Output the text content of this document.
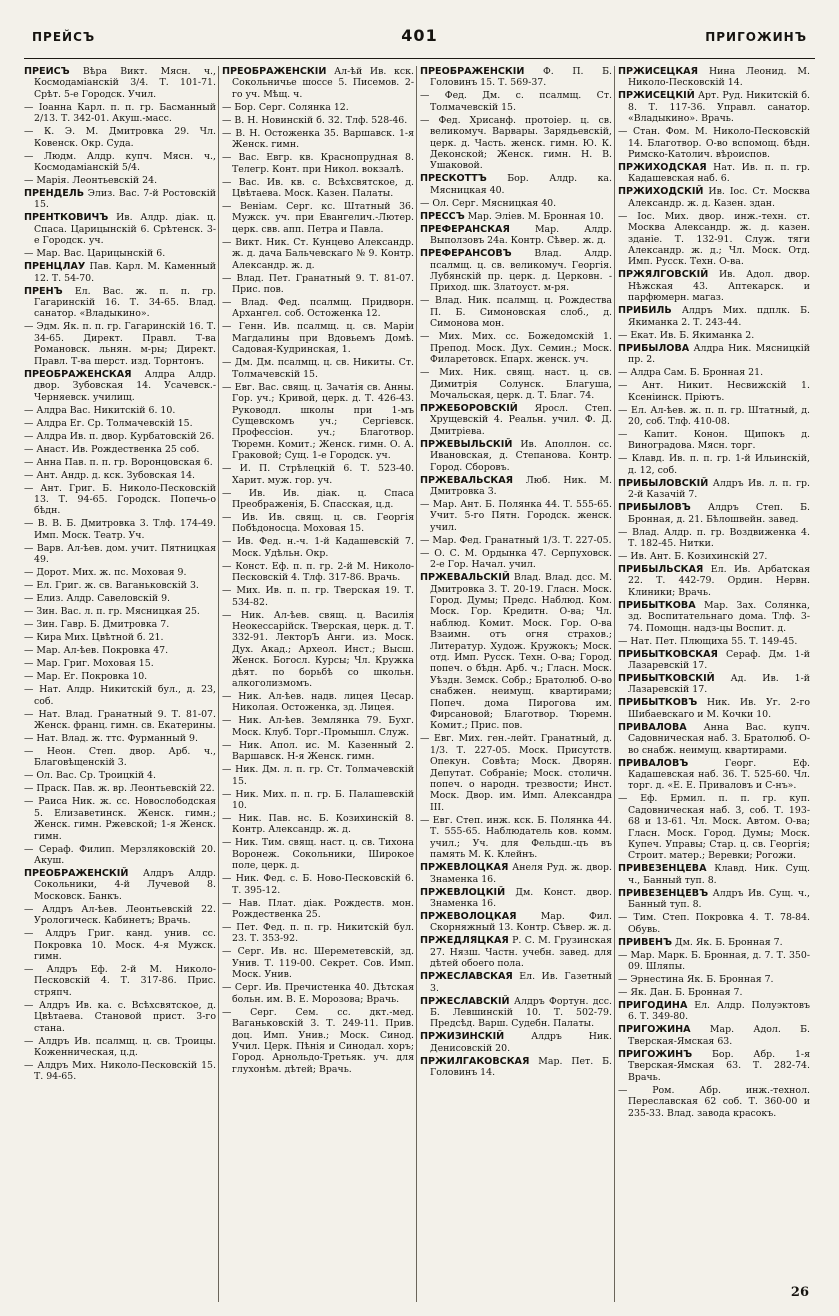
ПРЕЙСЪ	401	ПРИГОЖИНЪ
ПРЕЙСЪ Вѣра Викт. Мясн. ч., Космодаміанскій 3/4. Т. 101-71. Срѣт. 5-е Городск. Учил.
— Іоанна Карл. п. п. гр. Басманный 2/13. Т. 342-01. Акуш.-масс.
— К. Э. М. Дмитровка 29. Чл. Ковенск. Окр. Суда.
— Людм. Алдр. купч. Мясн. ч., Космодаміанскій 5/4.
— Марія. Леонтьевскій 24.
ПРЕНДЕЛЬ Элиз. Вас. 7-й Ростовскій 15.
ПРЕНТКОВИЧЪ Ив. Алдр. діак. ц. Спаса. Царицынскій 6. Срѣтенск. 3-е Городск. уч.
— Мар. Вас. Царицынскій 6.
ПРЕНЦЛАУ Пав. Карл. М. Каменный 12. Т. 54-70.
ПРЕНЪ Ел. Вас. ж. п. п. гр. Гагаринскій 16. Т. 34-65. Влад. санатор. «Владыкино».
— Эдм. Як. п. п. гр. Гагаринскій 16. Т. 34-65. Директ. Правл. Т-ва Романовск. льнян. м-ры; Директ. Правл. Т-ва шерст. изд. Торнтонъ.
ПРЕОБРАЖЕНСКАЯ Алдра Алдр. двор. Зубовская 14. Усачевск.-Черняевск. училищ.
— Алдра Вас. Никитскій 6. 10.
— Алдра Ег. Ср. Толмачевскій 15.
— Алдра Ив. п. двор. Курбатовскій 26.
— Анаст. Ив. Рождественка 25 соб.
— Анна Пав. п. п. гр. Воронцовская 6.
— Ант. Андр. д. кск. Зубовская 14.
— Ант. Григ. Б. Николо-Песковскій 13. Т. 94-65. Городск. Попечь-о бѣдн.
— В. В. Б. Дмитровка 3. Тлф. 174-49. Имп. Моск. Театр. Уч.
— Варв. Ал-ѣев. дом. учит. Пятницкая 49.
— Дорот. Мих. ж. пс. Моховая 9.
— Ел. Григ. ж. св. Ваганьковскій 3.
— Елиз. Алдр. Савеловскій 9.
— Зин. Вас. л. п. гр. Мясницкая 25.
— Зин. Гавр. Б. Дмитровка 7.
— Кира Мих. Цвѣтной б. 21.
— Мар. Ал-ѣев. Покровка 47.
— Мар. Григ. Моховая 15.
— Мар. Ег. Покровка 10.
— Нат. Алдр. Никитскій бул., д. 23, соб.
— Нат. Влад. Гранатный 9. Т. 81-07. Женск. франц. гимн. св. Екатерины.
— Нат. Влад. ж. ттс. Фурманный 9.
— Неон. Степ. двор. Арб. ч., Благовѣщенскій 3.
— Ол. Вас. Ср. Троицкій 4.
— Праск. Пав. ж. вр. Леонтьевскій 22.
— Раиса Ник. ж. сс. Новослободская 5. Елизаветинск. Женск. гимн.; Женск. гимн. Ржевской; 1-я Женск. гимн.
— Сераф. Филип. Мерзляковскій 20. Акуш.
ПРЕОБРАЖЕНСКІЙ Алдръ Алдр. Сокольники, 4-й Лучевой 8. Московск. Банкъ.
— Алдръ Ал-ѣев. Леонтьевскій 22. Урологическ. Кабинетъ; Врачь.
— Алдръ Григ. канд. унив. сс. Покровка 10. Моск. 4-я Мужск. гимн.
— Алдръ Еф. 2-й М. Николо-Песковскій 4. Т. 317-86. Прис. стряпч.
— Алдръ Ив. ка. с. Всѣхсвятское, д. Цвѣтаева. Становой прист. 3-го стана.
— Алдръ Ив. псалмщ. ц. св. Троицы. Коженническая, ц.д.
— Алдръ Мих. Николо-Песковскій 15. Т. 94-65.
ПРЕОБРАЖЕНСКІЙ Ал-ѣй Ив. кск. Сокольничье шоссе 5. Писемов. 2-го уч. Мѣщ. ч.
— Бор. Серг. Солянка 12.
— В. Н. Новинскій б. 32. Тлф. 528-46.
— В. Н. Остоженка 35. Варшавск. 1-я Женск. гимн.
— Вас. Евгр. кв. Краснопрудная 8. Телегр. Конт. при Никол. вокзалѣ.
— Вас. Ив. кв. с. Всѣхсвятское, д. Цвѣтаева. Моск. Казен. Палаты.
— Веніам. Серг. кс. Штатный 36. Мужск. уч. при Евангелич.-Лютер. церк. свв. апп. Петра и Павла.
— Викт. Ник. Ст. Кунцево Александр. ж. д. дача Бальчевскаго № 9. Контр. Александр. ж. д.
— Влад. Пет. Гранатный 9. Т. 81-07. Прис. пов.
— Влад. Фед. псалмщ. Придворн. Архангел. соб. Остоженка 12.
— Генн. Ив. псалмщ. ц. св. Маріи Магдалины при Вдовьемъ Домѣ. Садовая-Кудринская, 1.
— Дм. Дм. псалмщ. ц. св. Никиты. Ст. Толмачевскій 15.
— Евг. Вас. свящ. ц. Зачатія св. Анны. Гор. уч.; Кривой, церк. д. Т. 426-43. Руководл. школы при 1-мъ Сущевскомъ уч.; Сергіевск. Профессіон. уч.; Благотвор. Тюремн. Комит.; Женск. гимн. О. А. Граковой; Сущ. 1-е Городск. уч.
— И. П. Стрѣлецкій 6. Т. 523-40. Харит. муж. гор. уч.
— Ив. Ив. діак. ц. Спаса Преображенія, Б. Спасская, ц.д.
— Ив. Ив. свящ. ц. св. Георгія Побѣдоносца. Моховая 15.
— Ив. Фед. н.-ч. 1-й Кадашевскій 7. Моск. Удѣльн. Окр.
— Конст. Еф. п. п. гр. 2-й М. Николо-Песковскій 4. Тлф. 317-86. Врачь.
— Мих. Ив. п. п. гр. Тверская 19. Т. 534-82.
— Ник. Ал-ѣев. свящ. ц. Василія Неокессарійск. Тверская, церк. д. Т. 332-91. ЛекторЪ Анги. из. Моск. Дух. Акад.; Археол. Инст.; Высш. Женск. Богосл. Курсы; Чл. Кружка дѣят. по борьбѣ со школьн. алкоголизмомъ.
— Ник. Ал-ѣев. надв. лицея Цесар. Николая. Остоженка, зд. Лицея.
— Ник. Ал-ѣев. Землянка 79. Бухг. Моск. Клуб. Торг.-Промышл. Служ.
— Ник. Апол. ис. М. Казенный 2. Варшавск. Н-я Женск. гимн.
— Ник. Дм. л. п. гр. Ст. Толмачевскій 15.
— Ник. Мих. п. п. гр. Б. Палашевскій 10.
— Ник. Пав. нс. Б. Козихинскій 8. Контр. Александр. ж. д.
— Ник. Тим. свящ. наст. ц. св. Тихона Воронеж. Сокольники, Широкое поле, церк. д.
— Ник. Фед. с. Б. Ново-Песковскій 6. Т. 395-12.
— Нав. Плат. діак. Рождеств. мон. Рождественка 25.
— Пет. Фед. п. п. гр. Никитскій бул. 23. Т. 353-92.
— Серг. Ив. нс. Шереметевскій, зд. Унив. Т. 119-00. Секрет. Сов. Имп. Моск. Унив.
— Серг. Ив. Пречистенка 40. Дѣтская больн. им. В. Е. Морозова; Врачь.
— Серг. Сем. сс. дкт.-мед. Ваганьковскій 3. Т. 249-11. Прив. доц. Имп. Унив.; Моск. Синод. Учил. Церк. Пѣнія и Синодал. хоръ; Город. Арнольдо-Третьяк. уч. для глухонѣм. дѣтей; Врачь.
ПРЕОБРАЖЕНСКІЙ Ф. П. Б. Головинъ 15. Т. 569-37.
— Фед. Дм. с. псалмщ. Ст. Толмачевскій 15.
— Фед. Хрисанф. протоіер. ц. св. великомуч. Варвары. Зарядьевскій, церк. д. Часть. женск. гимн. Ю. К. Деконской; Женск. гимн. Н. В. Ушаковой.
ПРЕСКОТТЪ Бор. Алдр. ка. Мясницкая 40.
— Ол. Серг. Мясницкая 40.
ПРЕССЪ Мар. Эліев. М. Бронная 10.
ПРЕФЕРАНСКАЯ	Мар. Алдр. Выползовъ 24а. Контр. Сѣвер. ж. д.
ПРЕФЕРАНСОВЪ Влад. Алдр. псалмщ. ц. св. великомуч. Георгія. Лубянскій пр. церк. д. Церковн. - Приход. шк. Златоуст. м-ря.
— Влад. Ник. псалмщ. ц. Рождества П. Б. Симоновская слоб., д. Симонова мон.
— Мих. Мих. сс. Божедомскій 1. Препод. Моск. Дух. Семин.; Моск. Филаретовск. Епарх. женск. уч.
— Мих. Ник. свящ. наст. ц. св. Димитрія Солунск. Благуша, Мочальская, церк. д. Т. Благ. 74.
ПРЖЕБОРОВСКІЙ Яросл. Степ. Хрущевскій 4. Реальн. учил. Ф. Д. Дмитріева.
ПРЖЕВЫЛЬСКІЙ Ив. Аполлон. сс. Ивановская, д. Степанова. Контр. Город. Сборовъ.
ПРЖЕВАЛЬСКАЯ Люб. Ник. М. Дмитровка 3.
— Мар. Ант. Б. Полянка 44. Т. 555-65. Учит. 5-го Пятн. Городск. женск. учил.
— Мар. Фед. Гранатный 1/3. Т. 227-05.
— О. С. М. Ордынка 47. Серпуховск. 2-е Гор. Начал. учил.
ПРЖЕВАЛЬСКІЙ Влад. Влад. дсс. М. Дмитровка 3. Т. 20-19. Гласн. Моск. Город. Думы; Предс. Наблюд. Ком. Моск. Гор. Кредитн. О-ва; Чл. наблюд. Комит. Моск. Гор. О-ва Взаимн. отъ огня страхов.; Литератур. Худож. Кружокъ; Моск. отд. Имп. Русск. Техн. О-ва; Город. попеч. о бѣдн. Арб. ч.; Гласн. Моск. Уѣздн. Земск. Собр.; Братолюб. О-во снабжен. неимущ. квартирами; Попеч. дома Пирогова им. Фирсановой; Благотвор. Тюремн. Комит.; Прис. пов.
— Евг. Мих. ген.-лейт. Гранатный, д. 1/3. Т. 227-05. Моск. Присутств. Опекун. Совѣта; Моск. Дворян. Депутат. Собраніе; Моск. столичн. попеч. о народн. трезвости; Инст. Моск. Двор. им. Имп. Александра III.
— Евг. Степ. инж. кск. Б. Полянка 44. Т. 555-65. Наблюдатель ков. комм. учил.; Уч. для Фельдш.-цъ въ память М. К. Клейнъ.
ПРЖЕВЛОЦКАЯ Анеля Руд. ж. двор. Знаменка 16.
ПРЖЕВЛОЦКІЙ Дм. Конст. двор. Знаменка 16.
ПРЖЕВОЛОЦКАЯ	Мар. Фил. Скорняжный 13. Контр. Сѣвер. ж. д.
ПРЖЕДЛЯЦКАЯ Р. С. М. Грузинская 27. Нязш. Частн. учебн. завед. для дѣтей обоего пола.
ПРЖЕСЛАВСКАЯ Ел. Ив. Газетный 3.
ПРЖЕСЛАВСКІЙ Алдръ Фортун. дсс. Б. Левшинскій 10. Т. 502-79. Предсѣд. Варш. Судебн. Палаты.
ПРЖИЗИНСКІЙ	Алдръ Ник. Денисовскій 20.
ПРЖИЛГАКОВСКАЯ Мар. Пет. Б. Головинъ 14.
ПРЖИСЕЦКАЯ Нина Леонид. М. Николо-Песковскій 14.
ПРЖИСЕЦКІЙ Арт. Руд. Никитскій б. 8. Т. 117-36. Управл. санатор. «Владыкино». Врачь.
— Стан. Фом. М. Николо-Песковскій 14. Благотвор. О-во вспомощ. бѣдн. Римско-Католич. вѣроиспов.
ПРЖИХОДСКАЯ Нат. Ив. п. п. гр. Кадашевская наб. 6.
ПРЖИХОДСКІЙ Ив. Іос. Ст. Москва Александр. ж. д. Казен. здан.
— Іос. Мих. двор. инж.-техн. ст. Москва Александр. ж. д. казен. зданіе. Т. 132-91. Служ. тяги Александр. ж. д.; Чл. Моск. Отд. Имп. Русск. Техн. О-ва.
ПРЖЯЛГОВСКІЙ Ив. Адол. двор. Нѣжская 43. Аптекарск. и парфюмерн. магаз.
ПРИБИЛЬ Алдръ Мих. пдплк. Б. Якиманка 2. Т. 243-44.
— Екат. Ив. Б. Якиманка 2.
ПРИБЫЛОВА Алдра Ник. Мясницкій пр. 2.
— Алдра Сам. Б. Бронная 21.
— Ант. Никит. Несвижскій 1. Ксеніинск. Пріютъ.
— Ел. Ал-ѣев. ж. п. п. гр. Штатный, д. 20, соб. Тлф. 410-08.
— Капит. Конон. Щипокъ д. Виноградова. Мясн. торг.
— Клавд. Ив. п. п. гр. 1-й Ильинскій, д. 12, соб.
ПРИБЫЛОВСКІЙ Алдръ Ив. л. п. гр. 2-й Казачій 7.
ПРИБЫЛОВЪ Алдръ Степ. Б. Бронная, д. 21. Бѣлошвейн. завед.
— Влад. Алдр. п. гр. Воздвиженка 4. Т. 182-45. Нитки.
— Ив. Ант. Б. Козихинскій 27.
ПРИБЫЛЬСКАЯ Ел. Ив. Арбатская 22. Т. 442-79. Ордин. Нервн. Клиники; Врачь.
ПРИБЫТКОВА Мар. Зах. Солянка, зд. Воспитательнаго дома. Тлф. 3-74. Помощн. надз-цы Воспит. д.
— Нат. Пет. Плющиха 55. Т. 149-45.
ПРИБЫТКОВСКАЯ Сераф. Дм. 1-й Лазаревскій 17.
ПРИБЫТКОВСКІЙ Ад. Ив. 1-й Лазаревскій 17.
ПРИБЫТКОВЪ Ник. Ив. Уг. 2-го Шибаевскаго и М. Кочки 10.
ПРИВАЛОВА Анна Вас. купч. Садовническая наб. 3. Братолюб. О-во снабж. неимущ. квартирами.
ПРИВАЛОВЪ	Георг. Еф. Кадашевская наб. 36. Т. 525-60. Чл. торг. д. «Е. Е. Приваловъ и С-нъ».
— Еф. Ермил. п. п. гр. куп. Садовническая наб. 3, соб. Т. 193-68 и 13-61. Чл. Моск. Автом. О-ва; Гласн. Моск. Город. Думы; Моск. Купеч. Управы; Стар. ц. св. Георгія; Строит. матер.; Веревки; Рогожи.
ПРИВЕЗЕНЦЕВА Клавд. Ник. Сущ. ч., Банный туп. 8.
ПРИВЕЗЕНЦЕВЪ Алдръ Ив. Сущ. ч., Банный туп. 8.
— Тим. Степ. Покровка 4. Т. 78-84. Обувь.
ПРИВЕНЪ Дм. Як. Б. Бронная 7.
— Мар. Марк. Б. Бронная, д. 7. Т. 350-09. Шляпы.
— Эрнестина Як. Б. Бронная 7.
— Як. Дан. Б. Бронная 7.
ПРИГОДИНА Ел. Алдр. Полуэктовъ 6. Т. 349-80.
ПРИГОЖИНА Мар. Адол. Б. Тверская-Ямская 63.
ПРИГОЖИНЪ Бор. Абр. 1-я Тверская-Ямская 63. Т. 282-74. Врачь.
— Ром. Абр. инж.-технол. Переславская 62 соб. Т. 360-00 и 235-33. Влад. завода красокъ.
26
